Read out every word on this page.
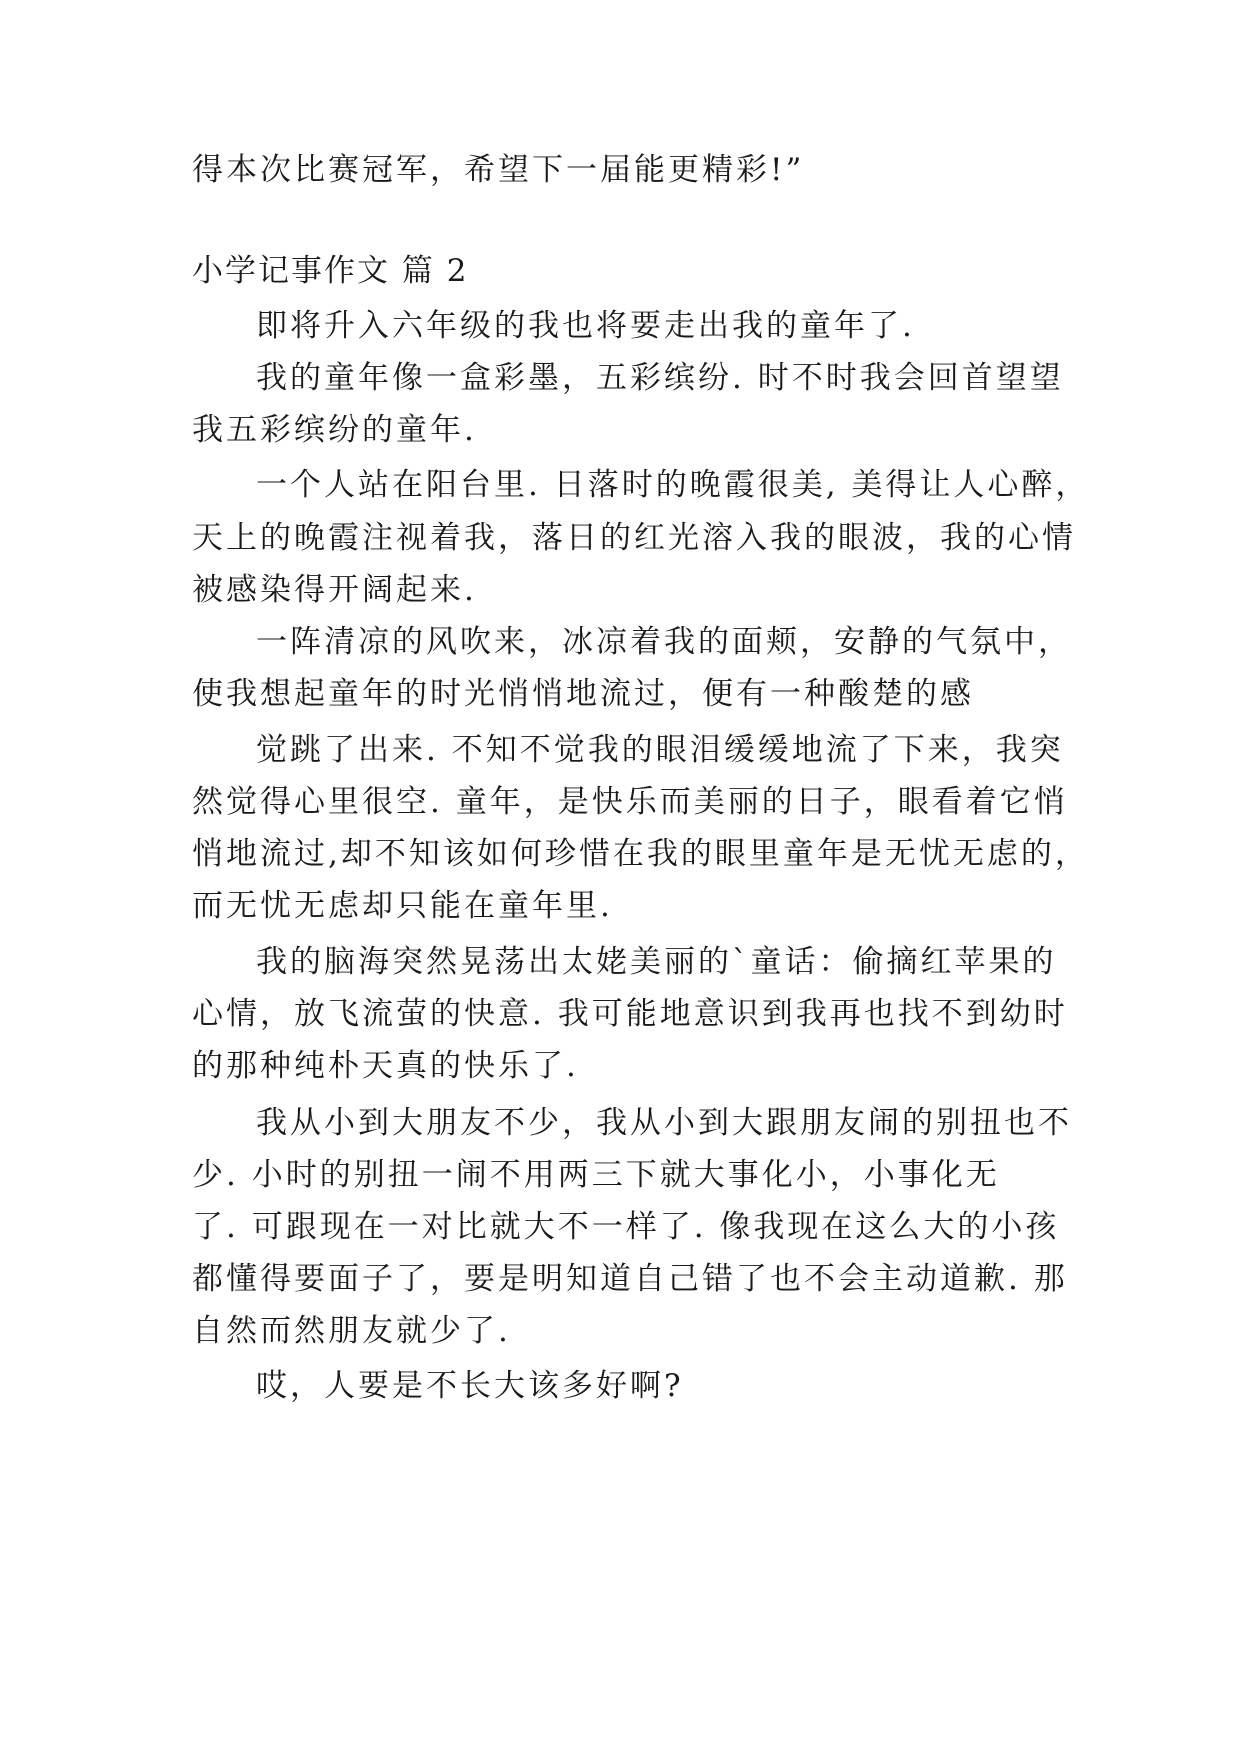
得本次比赛冠军，希望下一届能更精彩!”
小学记事作文 篇 2
即将升入六年级的我也将要走出我的童年了.
我的童年像一盒彩墨，五彩缤纷. 时不时我会回首望望
我五彩缤纷的童年.
一个人站在阳台里. 日落时的晚霞很美, 美得让人心醉，
天上的晚霞注视着我，落日的红光溶入我的眼波，我的心情
被感染得开阔起来.
一阵清凉的风吹来，冰凉着我的面颊，安静的气氛中，
使我想起童年的时光悄悄地流过，便有一种酸楚的感
觉跳了出来. 不知不觉我的眼泪缓缓地流了下来，我突
然觉得心里很空. 童年，是快乐而美丽的日子，眼看着它悄
悄地流过,却不知该如何珍惜在我的眼里童年是无忧无虑的，
而无忧无虑却只能在童年里.
我的脑海突然晃荡出太姥美丽的`童话：偷摘红苹果的
心情，放飞流萤的快意. 我可能地意识到我再也找不到幼时
的那种纯朴天真的快乐了.
我从小到大朋友不少，我从小到大跟朋友闹的别扭也不
少. 小时的别扭一闹不用两三下就大事化小，小事化无
了. 可跟现在一对比就大不一样了. 像我现在这么大的小孩
都懂得要面子了，要是明知道自己错了也不会主动道歉. 那
自然而然朋友就少了.
哎，人要是不长大该多好啊?
